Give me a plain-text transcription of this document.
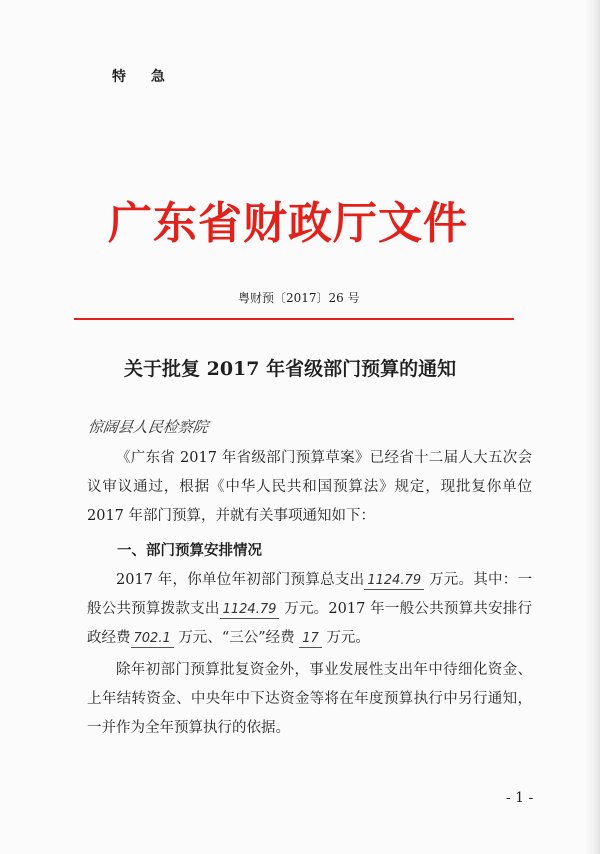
特 急
广东省财政厅文件
粤财预〔2017〕26 号
关于批复 2017 年省级部门预算的通知
惊阔县人民检察院

《广东省 2017 年省级部门预算草案》已经省十二届人大五次会议审议通过，根据《中华人民共和国预算法》规定，现批复你单位 2017 年部门预算，并就有关事项通知如下：

一、部门预算安排情况

2017 年，你单位年初部门预算总支出 1124.79 万元。其中：一般公共预算拨款支出 1124.79 万元。2017 年一般公共预算共安排行政经费 702.1 万元、“三公”经费 17 万元。

除年初部门预算批复资金外，事业发展性支出年中待细化资金、上年结转资金、中央年中下达资金等将在年度预算执行中另行通知，一并作为全年预算执行的依据。

- 1 -
